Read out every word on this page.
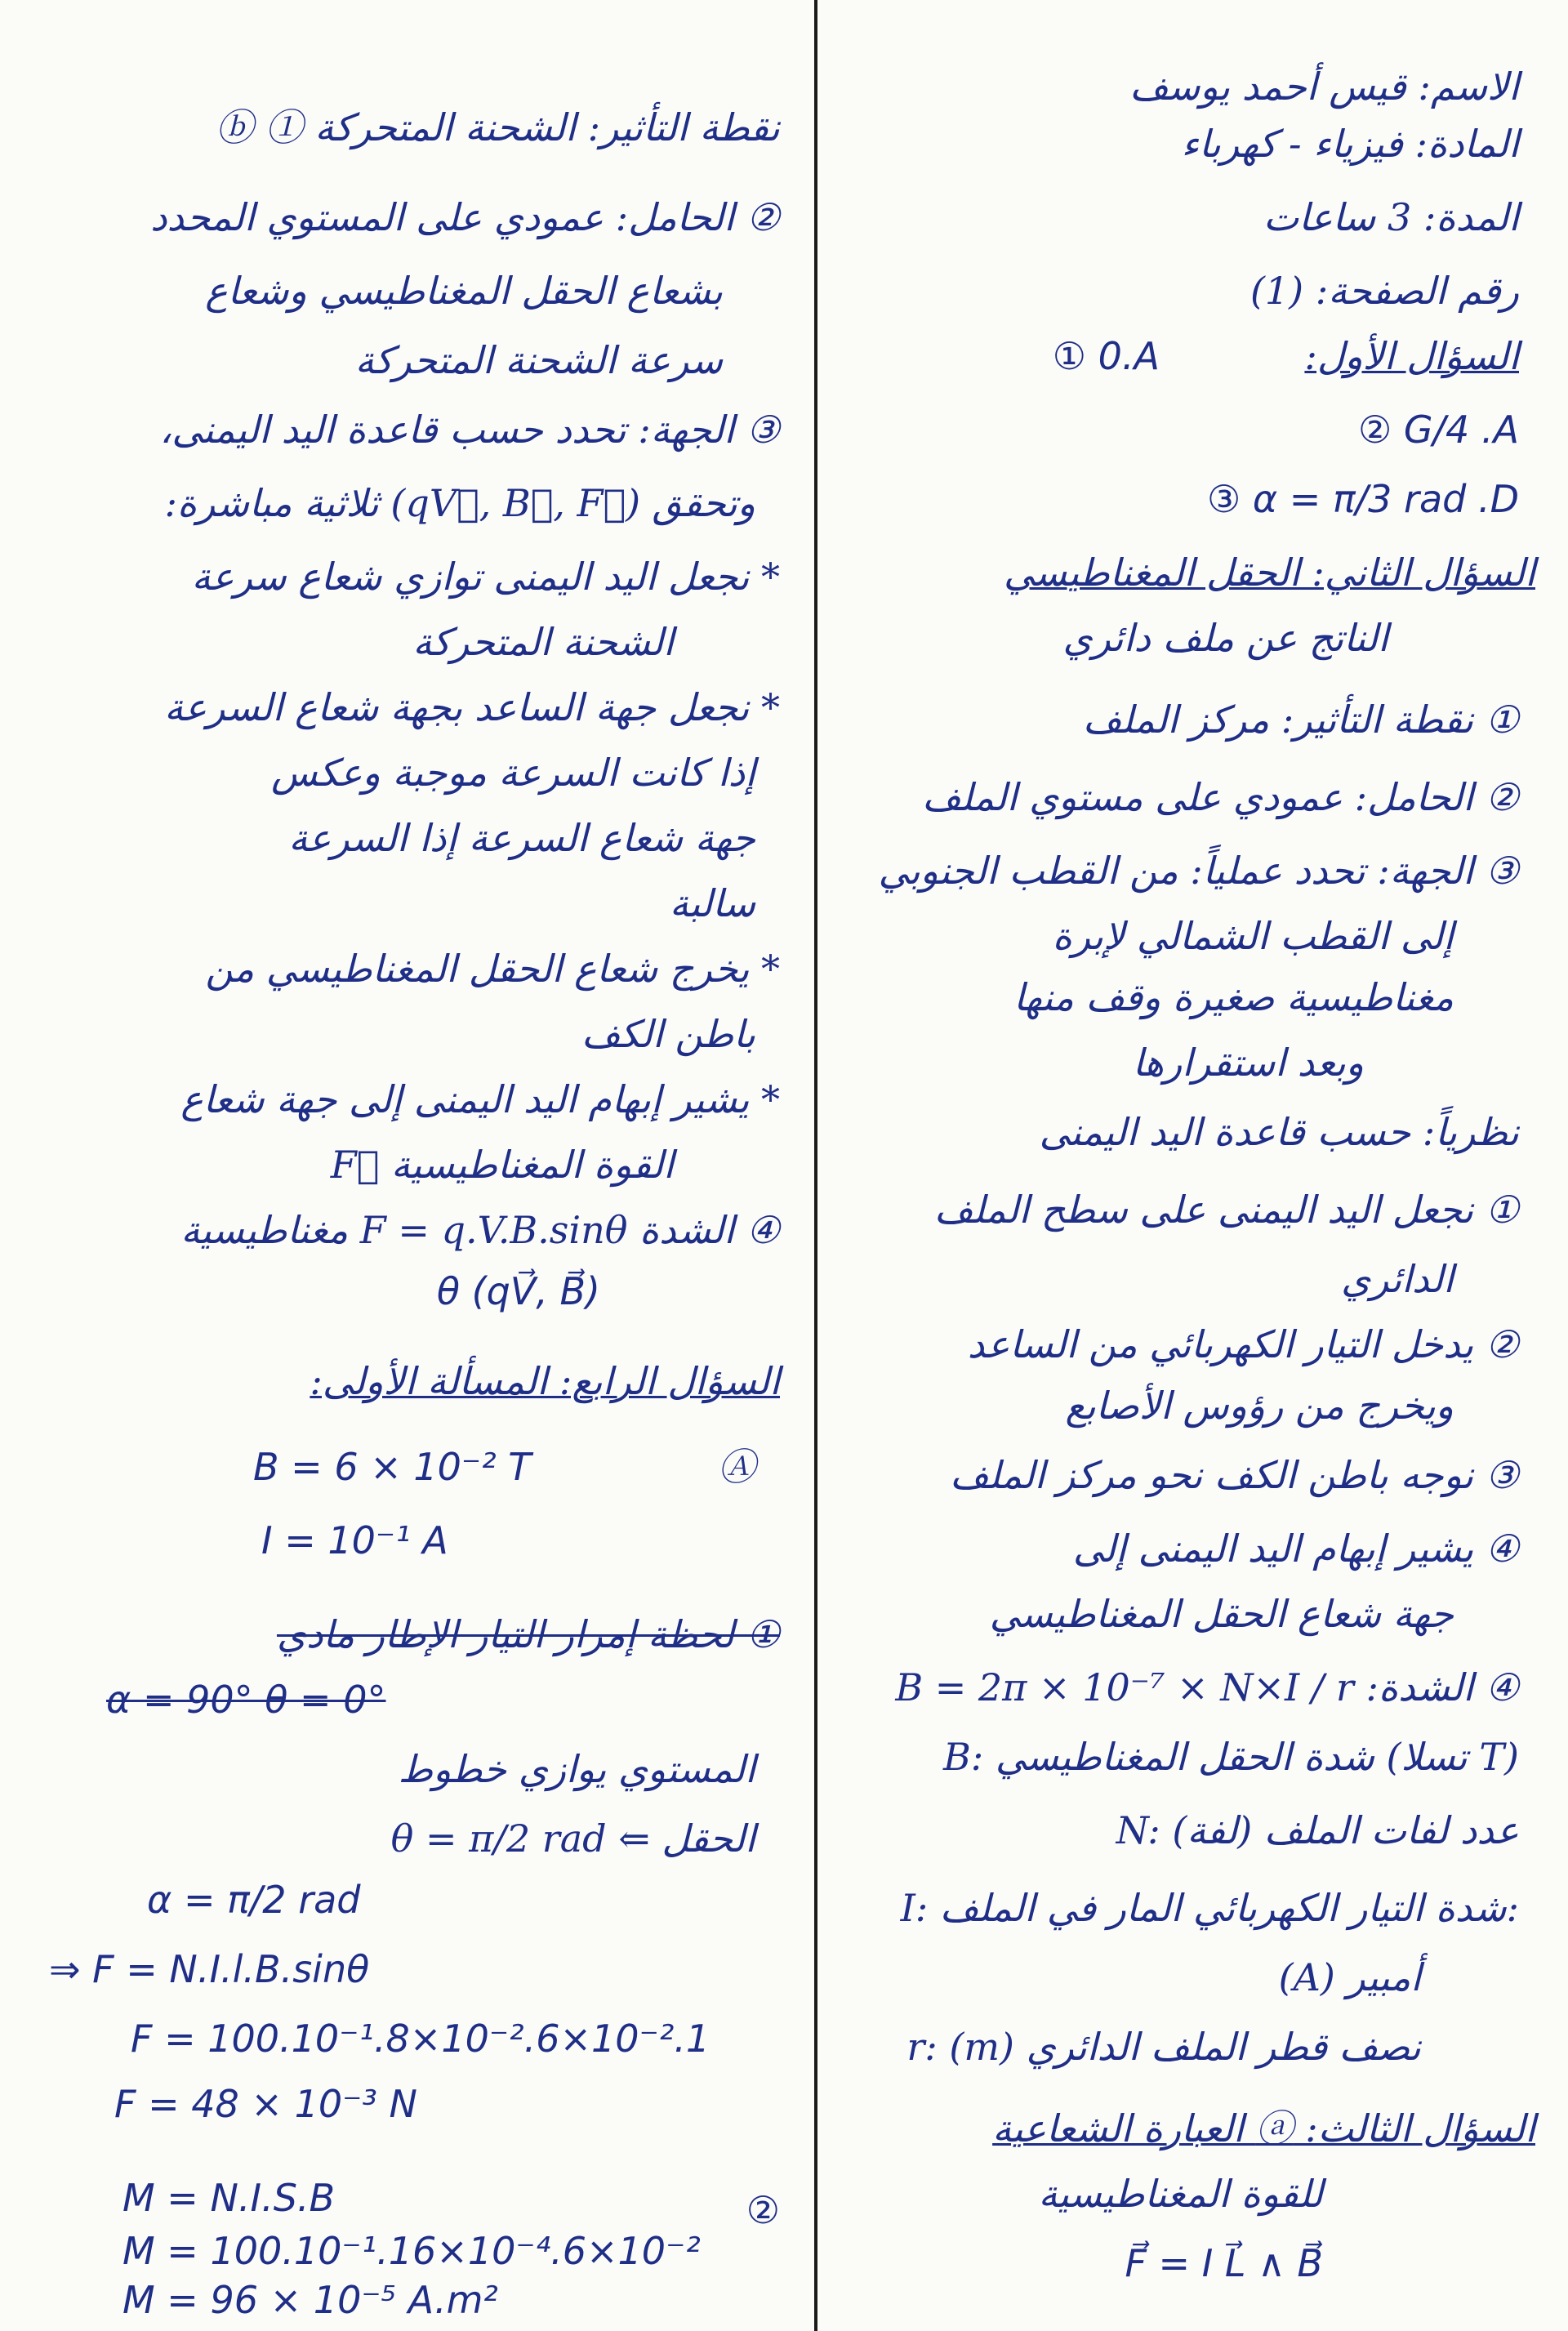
الاسم: قيس أحمد يوسف
المادة: فيزياء - كهرباء
المدة: 3 ساعات
رقم الصفحة: (1)
السؤال الأول:
① 0.A
② G/4 .A
③ α = π/3 rad .D
السؤال الثاني: الحقل المغناطيسي
الناتج عن ملف دائري
① نقطة التأثير: مركز الملف
② الحامل: عمودي على مستوي الملف
③ الجهة: تحدد عملياً: من القطب الجنوبي
إلى القطب الشمالي لإبرة
مغناطيسية صغيرة وقف منها
وبعد استقرارها
نظرياً: حسب قاعدة اليد اليمنى
① نجعل اليد اليمنى على سطح الملف
الدائري
② يدخل التيار الكهربائي من الساعد
ويخرج من رؤوس الأصابع
③ نوجه باطن الكف نحو مركز الملف
④ يشير إبهام اليد اليمنى إلى
جهة شعاع الحقل المغناطيسي
④ الشدة: B = 2π × 10⁻⁷ × N×I / r
B: شدة الحقل المغناطيسي (تسلا T)
N: عدد لفات الملف (لفة)
I: شدة التيار الكهربائي المار في الملف:
أمبير (A)
r: (m) نصف قطر الملف الدائري
السؤال الثالث: ⓐ العبارة الشعاعية
للقوة المغناطيسية
F⃗ = I L⃗ ∧ B⃗
ⓑ ① نقطة التأثير: الشحنة المتحركة
② الحامل: عمودي على المستوي المحدد
بشعاع الحقل المغناطيسي وشعاع
سرعة الشحنة المتحركة
③ الجهة: تحدد حسب قاعدة اليد اليمنى،
وتحقق (qV⃗, B⃗, F⃗) ثلاثية مباشرة:
* نجعل اليد اليمنى توازي شعاع سرعة
الشحنة المتحركة
* نجعل جهة الساعد بجهة شعاع السرعة
إذا كانت السرعة موجبة وعكس
جهة شعاع السرعة إذا السرعة
سالبة
* يخرج شعاع الحقل المغناطيسي من
باطن الكف
* يشير إبهام اليد اليمنى إلى جهة شعاع
القوة المغناطيسية F⃗
④ الشدة F = q.V.B.sinθ مغناطيسية
θ (qV⃗, B⃗)
السؤال الرابع: المسألة الأولى:
Ⓐ
B = 6 × 10⁻² T
I = 10⁻¹ A
① لحظة إمرار التيار الإطار مادي
α = 90° θ = 0°
المستوي يوازي خطوط
الحقل ⇐ θ = π/2 rad
α = π/2 rad
⇒ F = N.I.l.B.sinθ
F = 100.10⁻¹.8×10⁻².6×10⁻².1
F = 48 × 10⁻³ N
②
M = N.I.S.B
M = 100.10⁻¹.16×10⁻⁴.6×10⁻²
M = 96 × 10⁻⁵ A.m²
